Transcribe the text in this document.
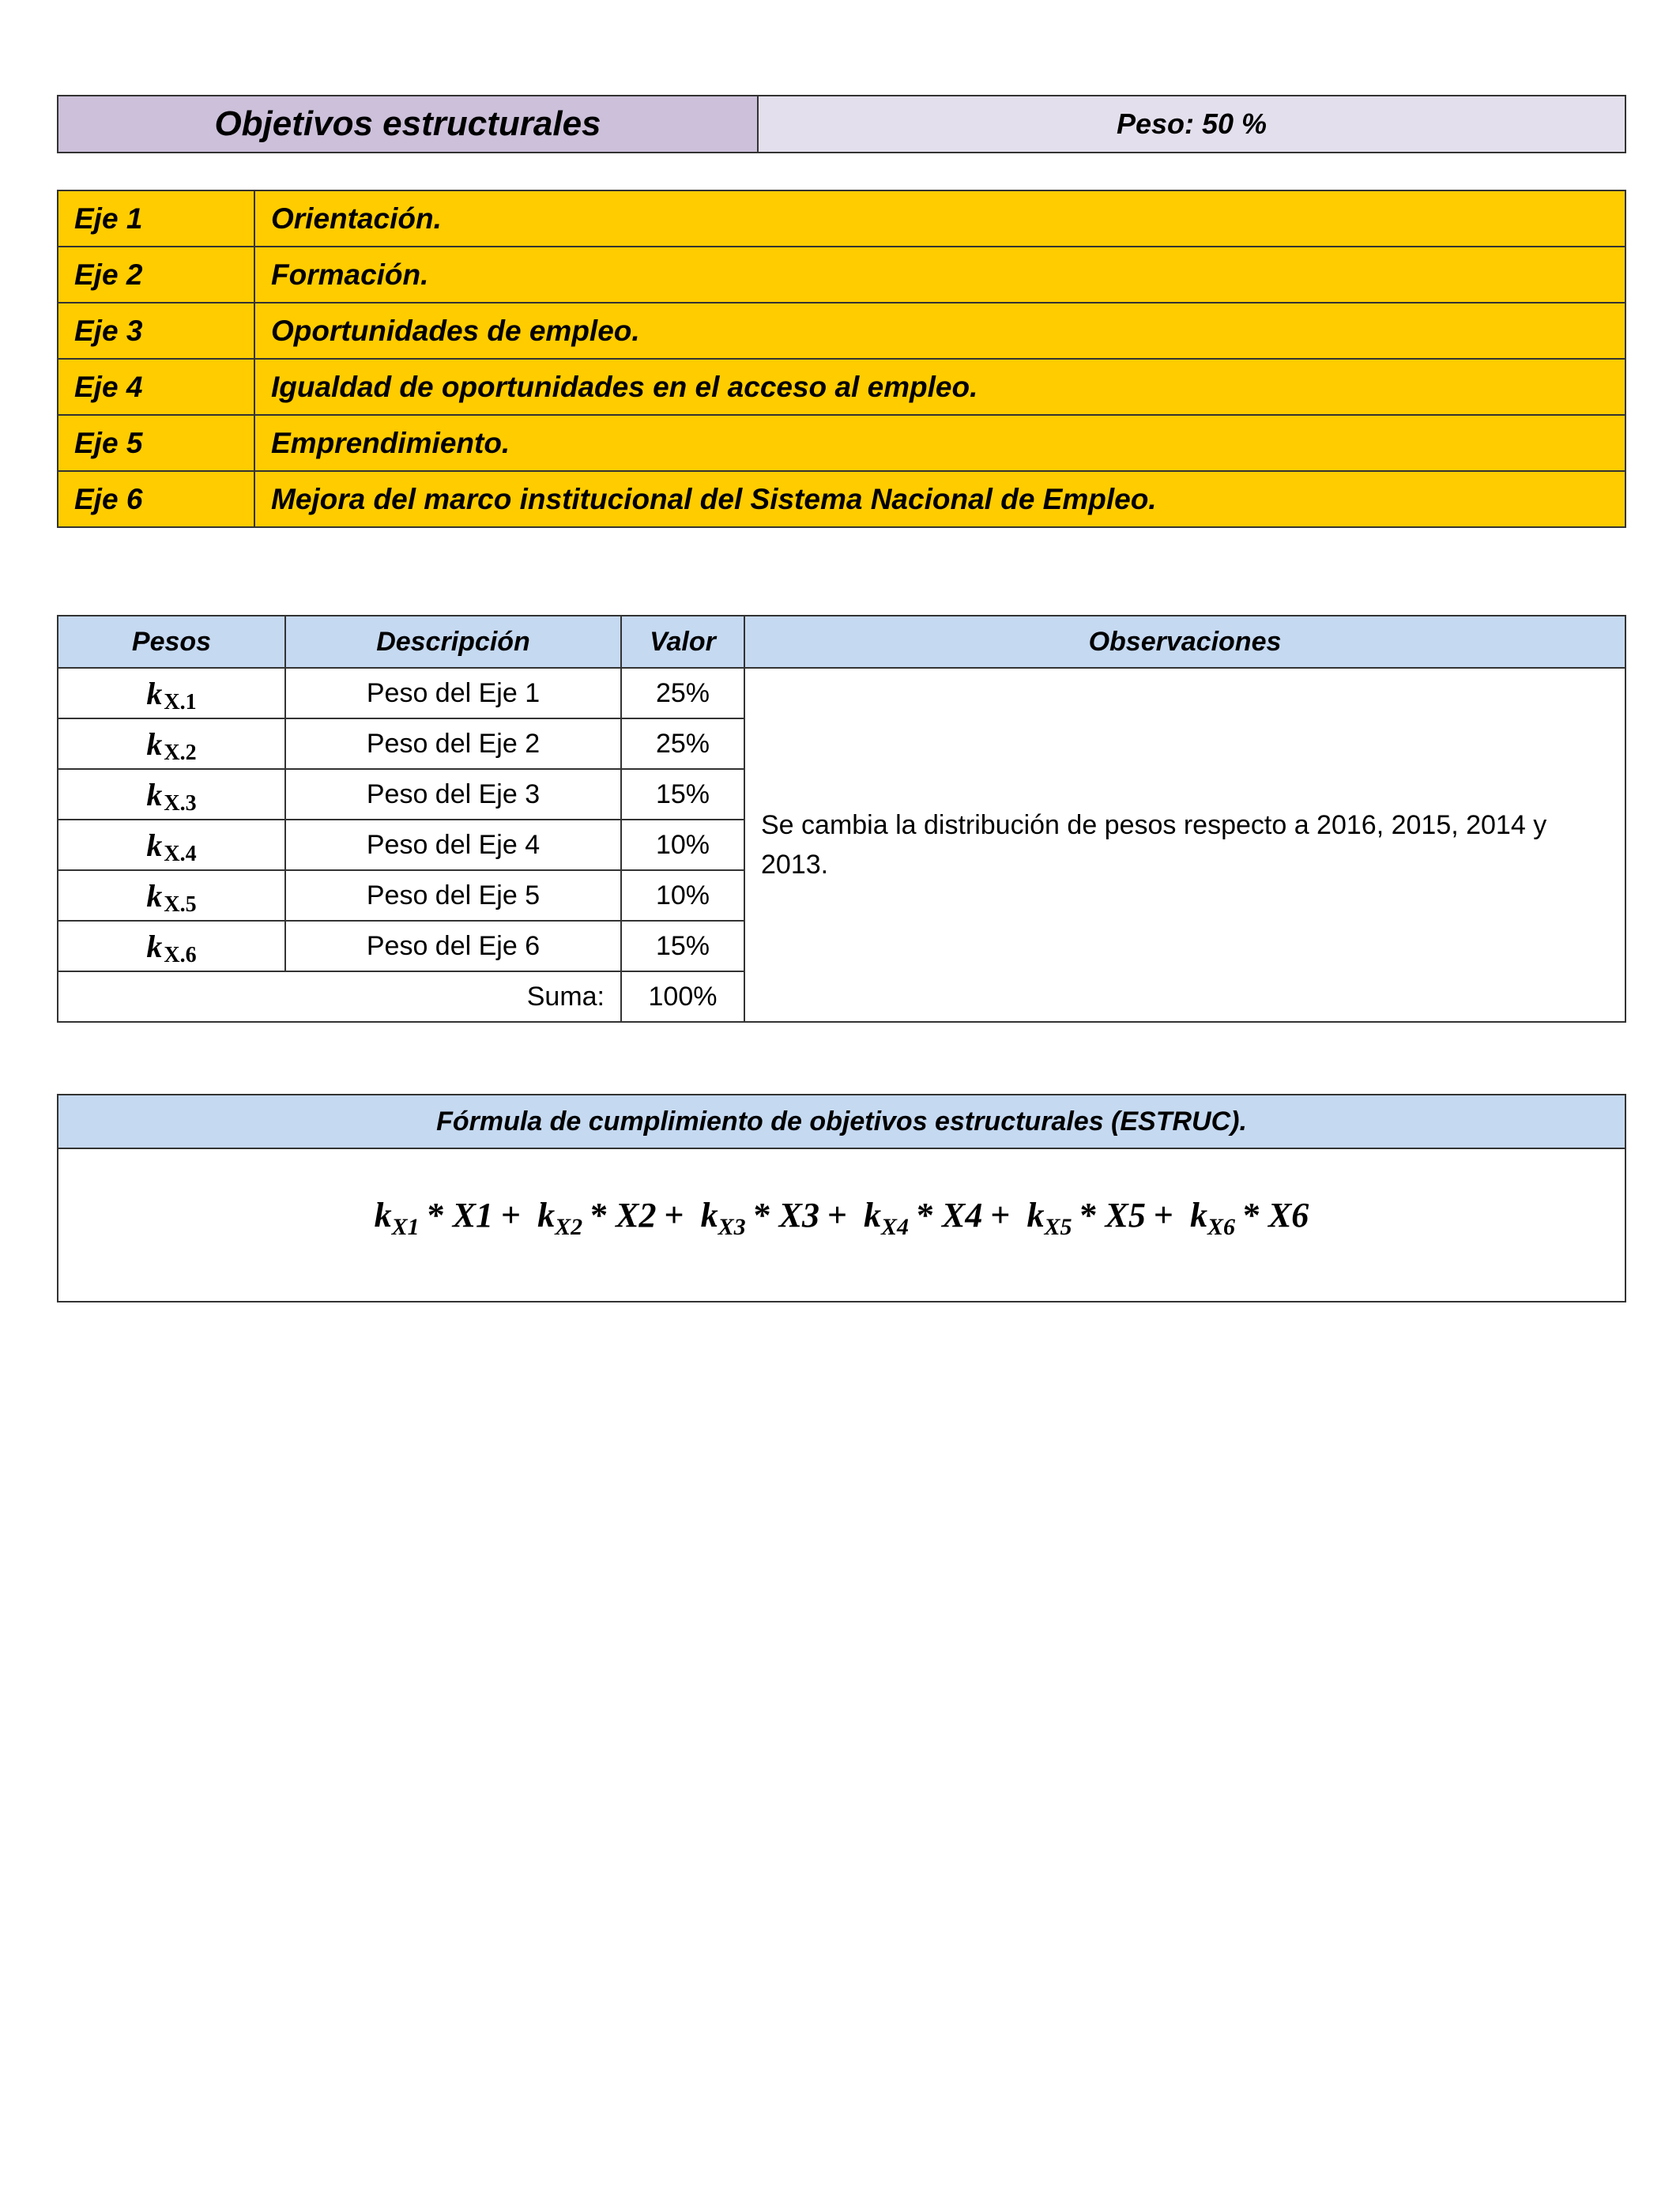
Objetivos estructurales	Peso: 50 %
Eje 1	Orientación.
Eje 2	Formación.
Eje 3	Oportunidades de empleo.
Eje 4	Igualdad de oportunidades en el acceso al empleo.
Eje 5	Emprendimiento.
Eje 6	Mejora del marco institucional del Sistema Nacional de Empleo.
Pesos	Descripción	Valor	Observaciones
kX.1	Peso del Eje 1	25%	Se cambia la distribución de pesos respecto a 2016, 2015, 2014 y 2013.
kX.2	Peso del Eje 2	25%	
kX.3	Peso del Eje 3	15%	
kX.4	Peso del Eje 4	10%	
kX.5	Peso del Eje 5	10%	
kX.6	Peso del Eje 6	15%	
Suma:		100%	
Fórmula de cumplimiento de objetivos estructurales (ESTRUC).
$k_{X1} * X1 + k_{X2} * X2 + k_{X3} * X3 + k_{X4} * X4 + k_{X5} * X5 + k_{X6} * X6$
